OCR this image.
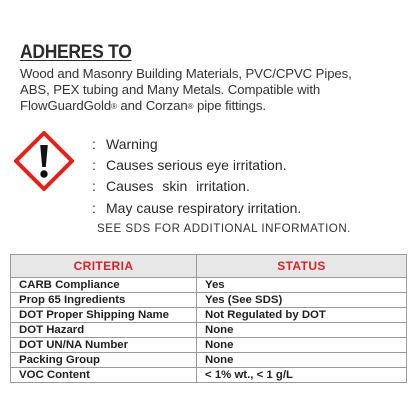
ADHERES TO
Wood and Masonry Building Materials, PVC/CPVC Pipes,
ABS, PEX tubing and Many Metals. Compatible with
FlowGuardGold® and Corzan® pipe fittings.
: Warning
: Causes serious eye irritation.
: Causes skin irritation.
: May cause respiratory irritation.
SEE SDS FOR ADDITIONAL INFORMATION.
CRITERIA	STATUS
CARB Compliance	Yes
Prop 65 Ingredients	Yes (See SDS)
DOT Proper Shipping Name	Not Regulated by DOT
DOT Hazard	None
DOT UN/NA Number	None
Packing Group	None
VOC Content	< 1% wt., < 1 g/L
